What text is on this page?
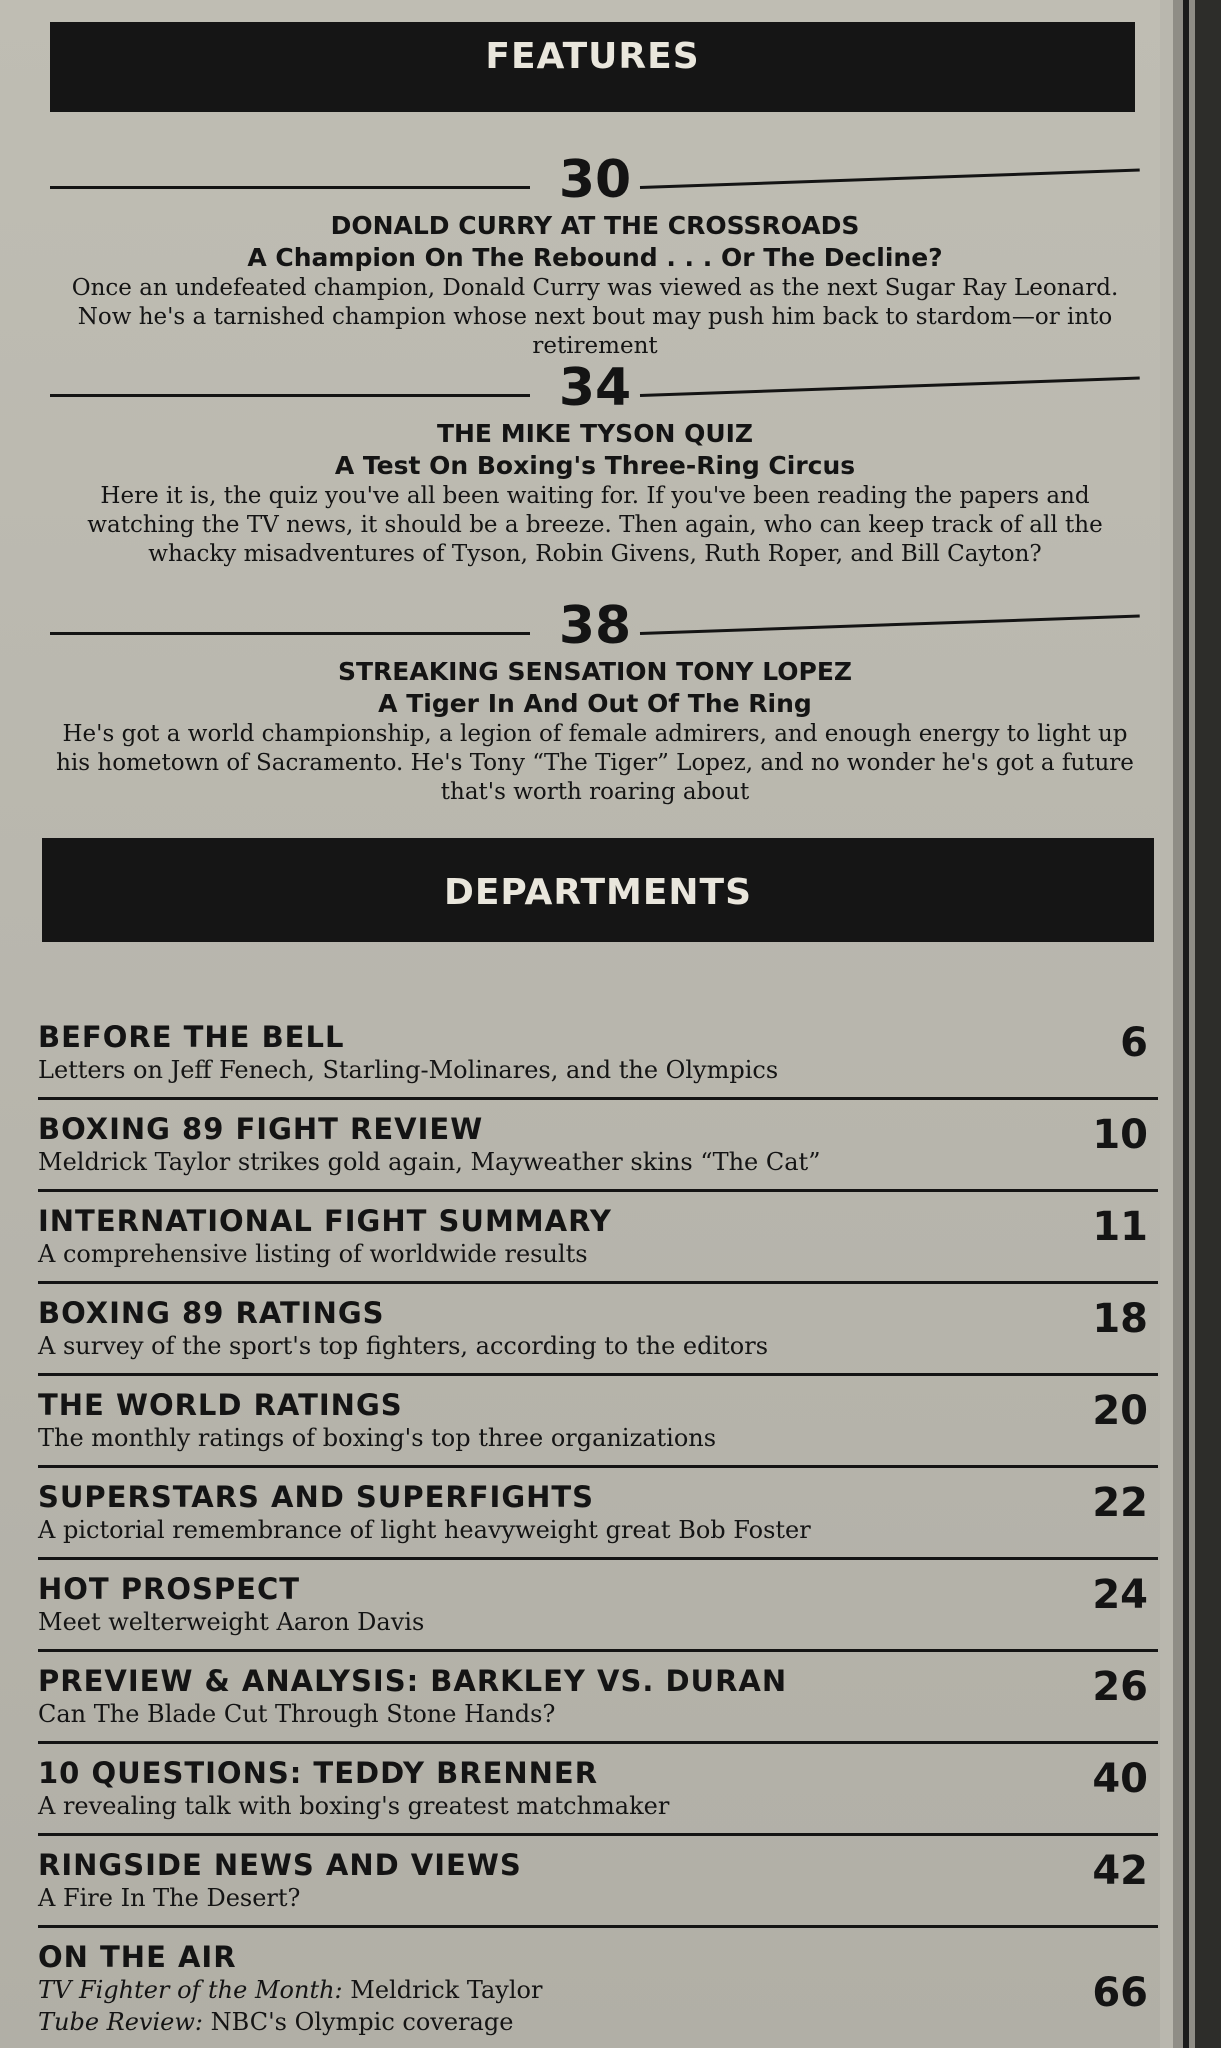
FEATURES
30
DONALD CURRY AT THE CROSSROADS
A Champion On The Rebound . . . Or The Decline?
Once an undefeated champion, Donald Curry was viewed as the next Sugar Ray Leonard. Now he's a tarnished champion whose next bout may push him back to stardom—or into retirement
34
THE MIKE TYSON QUIZ
A Test On Boxing's Three-Ring Circus
Here it is, the quiz you've all been waiting for. If you've been reading the papers and watching the TV news, it should be a breeze. Then again, who can keep track of all the whacky misadventures of Tyson, Robin Givens, Ruth Roper, and Bill Cayton?
38
STREAKING SENSATION TONY LOPEZ
A Tiger In And Out Of The Ring
He's got a world championship, a legion of female admirers, and enough energy to light up his hometown of Sacramento. He's Tony “The Tiger” Lopez, and no wonder he's got a future that's worth roaring about
DEPARTMENTS
BEFORE THE BELL
Letters on Jeff Fenech, Starling-Molinares, and the Olympics
6
BOXING 89 FIGHT REVIEW
Meldrick Taylor strikes gold again, Mayweather skins “The Cat”
10
INTERNATIONAL FIGHT SUMMARY
A comprehensive listing of worldwide results
11
BOXING 89 RATINGS
A survey of the sport's top fighters, according to the editors
18
THE WORLD RATINGS
The monthly ratings of boxing's top three organizations
20
SUPERSTARS AND SUPERFIGHTS
A pictorial remembrance of light heavyweight great Bob Foster
22
HOT PROSPECT
Meet welterweight Aaron Davis
24
PREVIEW & ANALYSIS: BARKLEY VS. DURAN
Can The Blade Cut Through Stone Hands?
26
10 QUESTIONS: TEDDY BRENNER
A revealing talk with boxing's greatest matchmaker
40
RINGSIDE NEWS AND VIEWS
A Fire In The Desert?
42
ON THE AIR
TV Fighter of the Month: Meldrick Taylor
Tube Review: NBC's Olympic coverage
66
